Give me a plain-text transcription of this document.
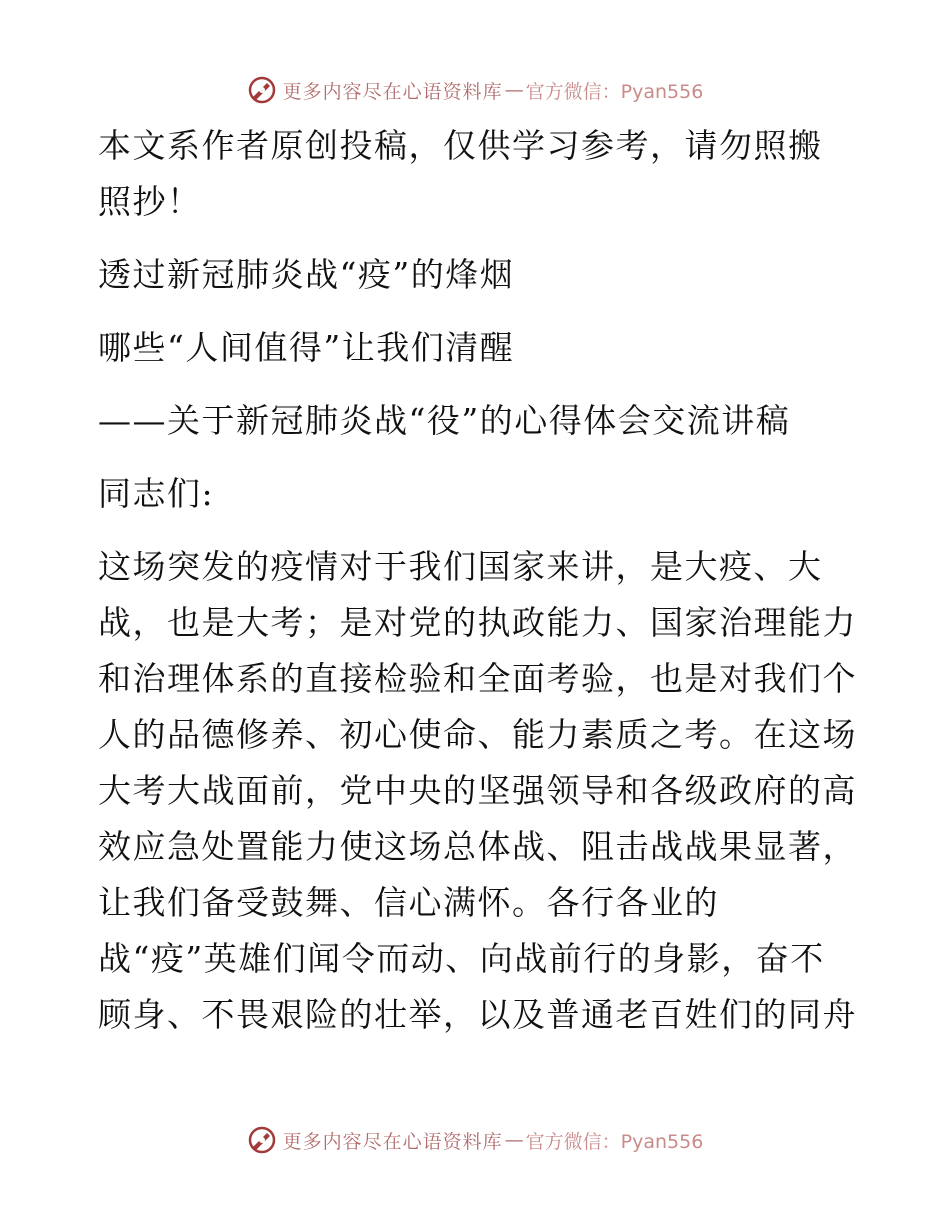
更多内容尽在心语资料库 — 官方微信：Pyan556
本文系作者原创投稿，仅供学习参考，请勿照搬
照抄！
透过新冠肺炎战“疫”的烽烟
哪些“人间值得”让我们清醒
——关于新冠肺炎战“役”的心得体会交流讲稿
同志们:
这场突发的疫情对于我们国家来讲，是大疫、大
战，也是大考；是对党的执政能力、国家治理能力
和治理体系的直接检验和全面考验，也是对我们个
人的品德修养、初心使命、能力素质之考。在这场
大考大战面前，党中央的坚强领导和各级政府的高
效应急处置能力使这场总体战、阻击战战果显著，
让我们备受鼓舞、信心满怀。各行各业的
战“疫”英雄们闻令而动、向战前行的身影，奋不
顾身、不畏艰险的壮举，以及普通老百姓们的同舟
更多内容尽在心语资料库 — 官方微信：Pyan556
